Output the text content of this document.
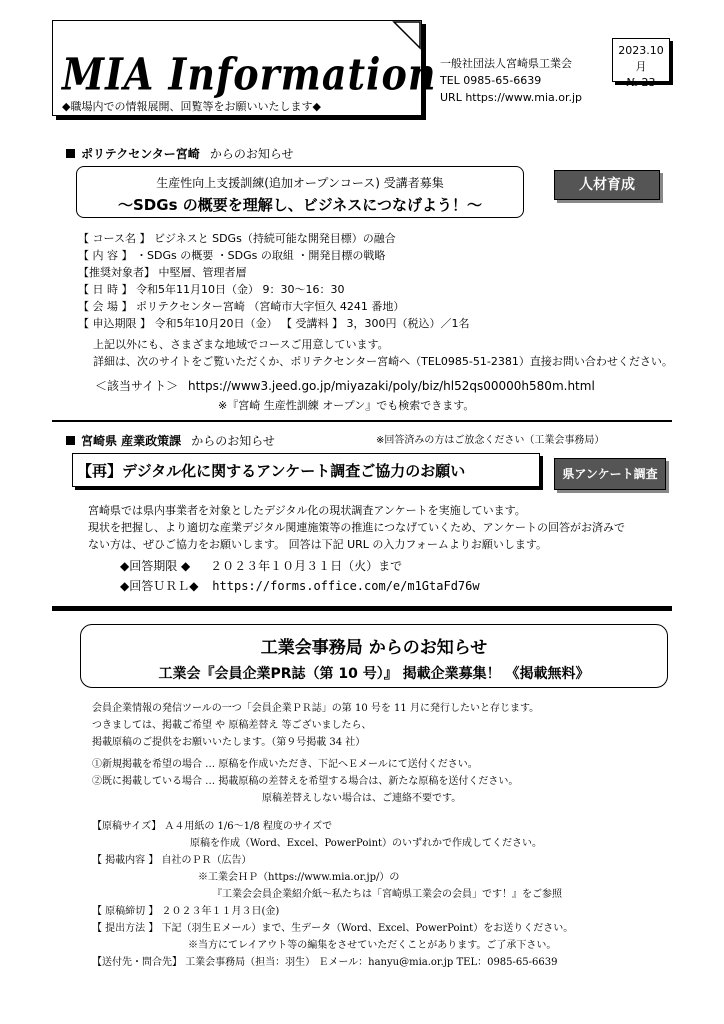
MIA Information
◆職場内での情報展開、回覧等をお願いいたします◆
一般社団法人宮崎県工業会
TEL 0985-65-6639
URL https://www.mia.or.jp
2023.10 月
№ 23
ポリテクセンター宮崎 からのお知らせ
生産性向上支援訓練(追加オープンコース) 受講者募集
～SDGs の概要を理解し、ビジネスにつなげよう！～
人材育成
【 コース名 】 ビジネスと SDGs（持続可能な開発目標）の融合
【 内 容 】 ・SDGs の概要 ・SDGs の取組 ・開発目標の戦略
【推奨対象者】 中堅層、管理者層
【 日 時 】 令和5年11月10日（金） 9：30～16：30
【 会 場 】 ポリテクセンター宮崎 （宮崎市大字恒久 4241 番地）
【 申込期限 】 令和5年10月20日（金） 【 受講料 】 3，300円（税込）／1名
上記以外にも、さまざまな地域でコースご用意しています。
詳細は、次のサイトをご覧いただくか、ポリテクセンター宮崎へ（TEL0985-51-2381）直接お問い合わせください。
＜該当サイト＞ https://www3.jeed.go.jp/miyazaki/poly/biz/hl52qs00000h580m.html
※『宮崎 生産性訓練 オープン』でも検索できます。
宮崎県 産業政策課 からのお知らせ	※回答済みの方はご放念ください（工業会事務局）
【再】デジタル化に関するアンケート調査ご協力のお願い	県アンケート調査
宮崎県では県内事業者を対象としたデジタル化の現状調査アンケートを実施しています。
現状を把握し、より適切な産業デジタル関連施策等の推進につなげていくため、アンケートの回答がお済みで
ない方は、ぜひご協力をお願いします。 回答は下記 URL の入力フォームよりお願いします。
◆回答期限 ◆ ２０２３年１０月３１日（火）まで
◆回答ＵＲＬ◆ https://forms.office.com/e/m1GtaFd76w
工業会事務局 からのお知らせ
工業会『会員企業PR誌（第 10 号）』 掲載企業募集！ 《掲載無料》
会員企業情報の発信ツールの一つ「会員企業ＰＲ誌」の第 10 号を 11 月に発行したいと存じます。
つきましては、掲載ご希望 や 原稿差替え 等ございましたら、
掲載原稿のご提供をお願いいたします。（第９号掲載 34 社）
①新規掲載を希望の場合 … 原稿を作成いただき、下記へＥメールにて送付ください。
②既に掲載している場合 … 掲載原稿の差替えを希望する場合は、新たな原稿を送付ください。
原稿差替えしない場合は、ご連絡不要です。
【原稿サイズ】 Ａ４用紙の 1/6～1/8 程度のサイズで
原稿を作成（Word、Excel、PowerPoint）のいずれかで作成してください。
【 掲載内容 】 自社のＰＲ（広告）
※工業会ＨＰ（https://www.mia.or.jp/）の
『工業会会員企業紹介紙～私たちは「宮崎県工業会の会員」です！』をご参照
【 原稿締切 】 ２０２３年１１月３日(金)
【 提出方法 】 下記（羽生Ｅメール）まで、生データ（Word、Excel、PowerPoint）をお送りください。
※当方にてレイアウト等の編集をさせていただくことがあります。ご了承下さい。
【送付先・問合先】 工業会事務局（担当：羽生） Ｅメール：hanyu@mia.or.jp TEL：0985-65-6639
